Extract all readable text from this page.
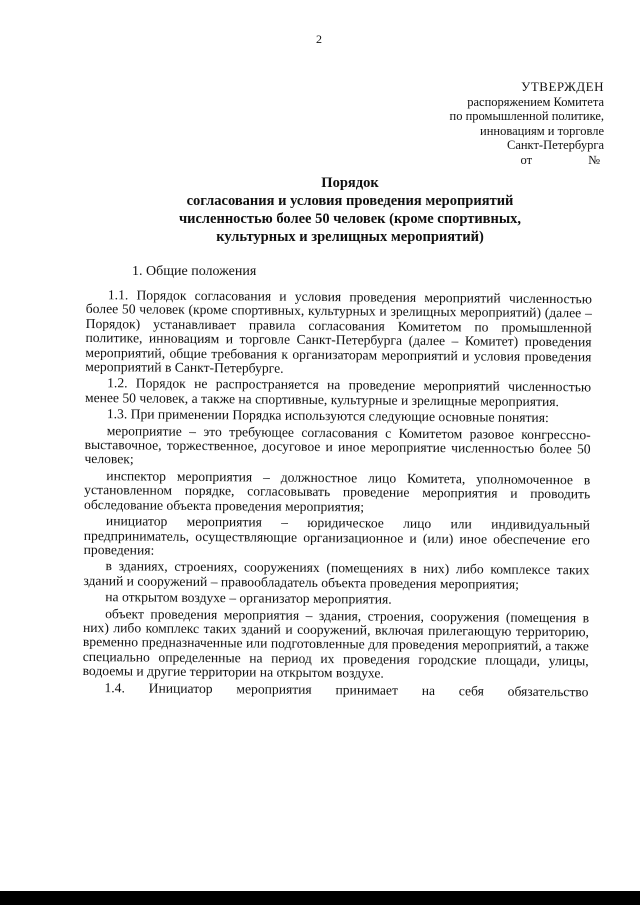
2
УТВЕРЖДЕН
распоряжением Комитета
по промышленной политике,
инновациям и торговле
Санкт-Петербурга
от	№
Порядок
согласования и условия проведения мероприятий
численностью более 50 человек (кроме спортивных,
культурных и зрелищных мероприятий)
1. Общие положения

1.1. Порядок согласования и условия проведения мероприятий численностью более 50 человек (кроме спортивных, культурных и зрелищных мероприятий) (далее – Порядок) устанавливает правила согласования Комитетом по промышленной политике, инновациям и торговле Санкт-Петербурга (далее – Комитет) проведения мероприятий, общие требования к организаторам мероприятий и условия проведения мероприятий в Санкт-Петербурге.

1.2. Порядок не распространяется на проведение мероприятий численностью менее 50 человек, а также на спортивные, культурные и зрелищные мероприятия.

1.3. При применении Порядка используются следующие основные понятия:

мероприятие – это требующее согласования с Комитетом разовое конгрессно-выставочное, торжественное, досуговое и иное мероприятие численностью более 50 человек;

инспектор мероприятия – должностное лицо Комитета, уполномоченное в установленном порядке, согласовывать проведение мероприятия и проводить обследование объекта проведения мероприятия;

инициатор мероприятия – юридическое лицо или индивидуальный предприниматель, осуществляющие организационное и (или) иное обеспечение его проведения:

в зданиях, строениях, сооружениях (помещениях в них) либо комплексе таких зданий и сооружений – правообладатель объекта проведения мероприятия;

на открытом воздухе – организатор мероприятия.

объект проведения мероприятия – здания, строения, сооружения (помещения в них) либо комплекс таких зданий и сооружений, включая прилегающую территорию, временно предназначенные или подготовленные для проведения мероприятий, а также специально определенные на период их проведения городские площади, улицы, водоемы и другие территории на открытом воздухе.

1.4. Инициатор мероприятия принимает на себя обязательство
